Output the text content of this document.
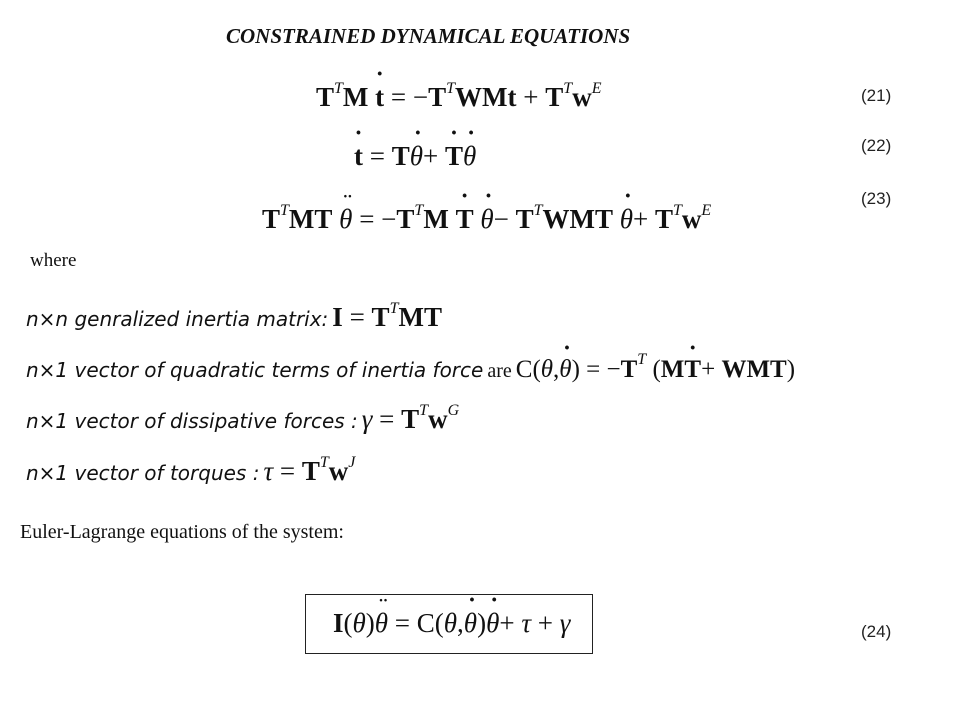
CONSTRAINED DYNAMICAL EQUATIONS
$T^TM$ t ˙ = $-T^TWMt + T^Tw^E$	(21)
t ˙ = Tθ ˙+ T ˙θ ˙	(22)
(23)
$T^TMT$ θ ¨ = $-T^TM$ T ˙ θ ˙− $T^TWMT$ θ ˙+ $T^Tw^E$
where
n×n genralized inertia matrix: $I = T^TMT$
n×1 vector of quadratic terms of inertia force are C(θ,θ ˙) = $-T^T$ (MT ˙+ WMT)
n×1 vector of dissipative forces : $\gamma = T^Tw^G$
n×1 vector of torques : $\tau = T^Tw^J$
Euler-Lagrange equations of the system:
I(θ)θ ¨ = C(θ,θ ˙)θ ˙+ τ + γ	(24)
